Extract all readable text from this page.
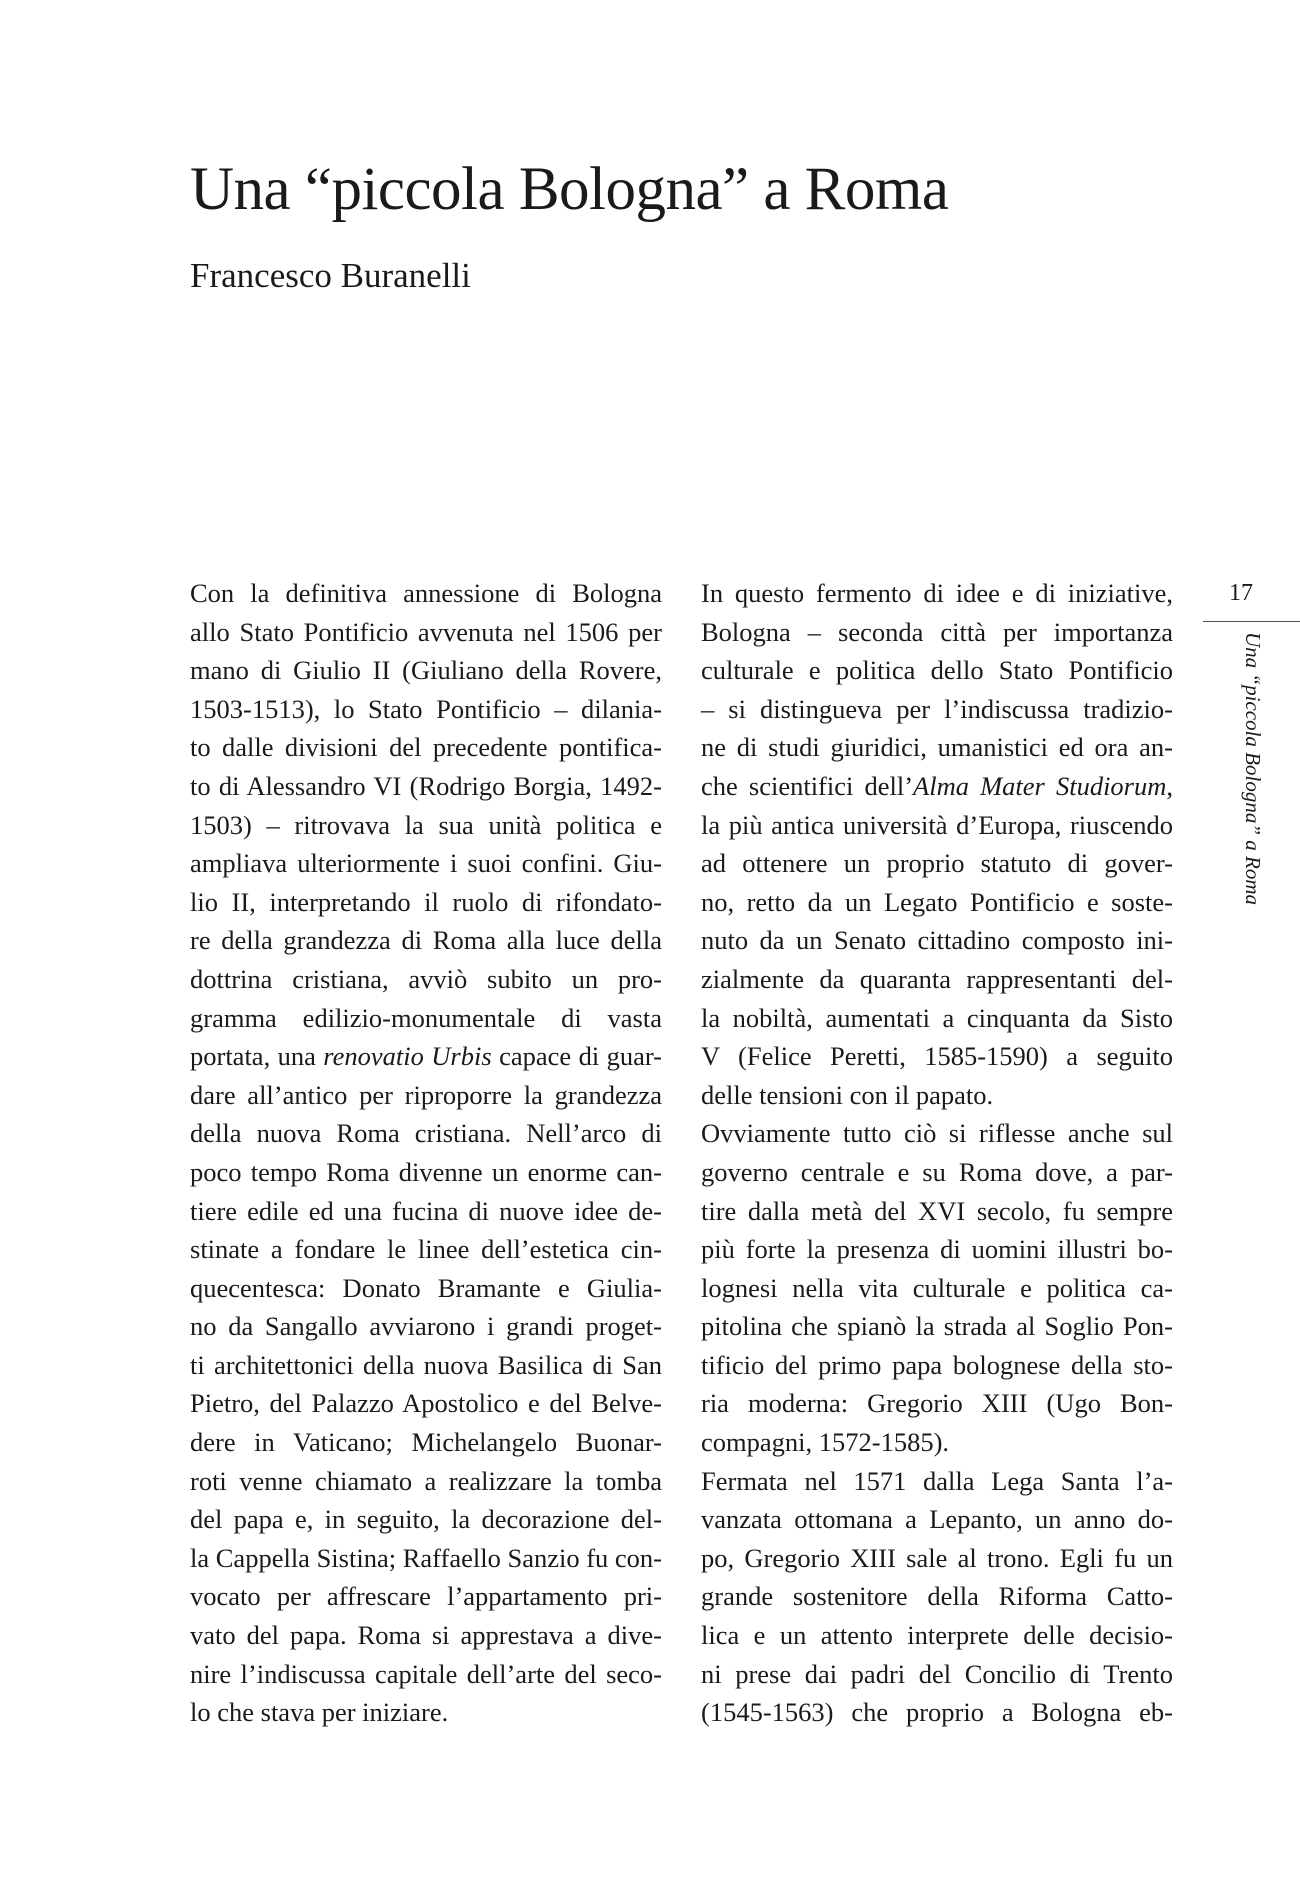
Una “piccola Bologna” a Roma
Francesco Buranelli
Con la definitiva annessione di Bologna
allo Stato Pontificio avvenuta nel 1506 per
mano di Giulio II (Giuliano della Rovere,
1503-1513), lo Stato Pontificio – dilania-
to dalle divisioni del precedente pontifica-
to di Alessandro VI (Rodrigo Borgia, 1492-
1503) – ritrovava la sua unità politica e
ampliava ulteriormente i suoi confini. Giu-
lio II, interpretando il ruolo di rifondato-
re della grandezza di Roma alla luce della
dottrina cristiana, avviò subito un pro-
gramma edilizio-monumentale di vasta
portata, una renovatio Urbis capace di guar-
dare all’antico per riproporre la grandezza
della nuova Roma cristiana. Nell’arco di
poco tempo Roma divenne un enorme can-
tiere edile ed una fucina di nuove idee de-
stinate a fondare le linee dell’estetica cin-
quecentesca: Donato Bramante e Giulia-
no da Sangallo avviarono i grandi proget-
ti architettonici della nuova Basilica di San
Pietro, del Palazzo Apostolico e del Belve-
dere in Vaticano; Michelangelo Buonar-
roti venne chiamato a realizzare la tomba
del papa e, in seguito, la decorazione del-
la Cappella Sistina; Raffaello Sanzio fu con-
vocato per affrescare l’appartamento pri-
vato del papa. Roma si apprestava a dive-
nire l’indiscussa capitale dell’arte del seco-
lo che stava per iniziare.
In questo fermento di idee e di iniziative,
Bologna – seconda città per importanza
culturale e politica dello Stato Pontificio
– si distingueva per l’indiscussa tradizio-
ne di studi giuridici, umanistici ed ora an-
che scientifici dell’Alma Mater Studiorum,
la più antica università d’Europa, riuscendo
ad ottenere un proprio statuto di gover-
no, retto da un Legato Pontificio e soste-
nuto da un Senato cittadino composto ini-
zialmente da quaranta rappresentanti del-
la nobiltà, aumentati a cinquanta da Sisto
V (Felice Peretti, 1585-1590) a seguito
delle tensioni con il papato.
Ovviamente tutto ciò si riflesse anche sul
governo centrale e su Roma dove, a par-
tire dalla metà del XVI secolo, fu sempre
più forte la presenza di uomini illustri bo-
lognesi nella vita culturale e politica ca-
pitolina che spianò la strada al Soglio Pon-
tificio del primo papa bolognese della sto-
ria moderna: Gregorio XIII (Ugo Bon-
compagni, 1572-1585).
Fermata nel 1571 dalla Lega Santa l’a-
vanzata ottomana a Lepanto, un anno do-
po, Gregorio XIII sale al trono. Egli fu un
grande sostenitore della Riforma Catto-
lica e un attento interprete delle decisio-
ni prese dai padri del Concilio di Trento
(1545-1563) che proprio a Bologna eb-
17
Una “piccola Bologna” a Roma
